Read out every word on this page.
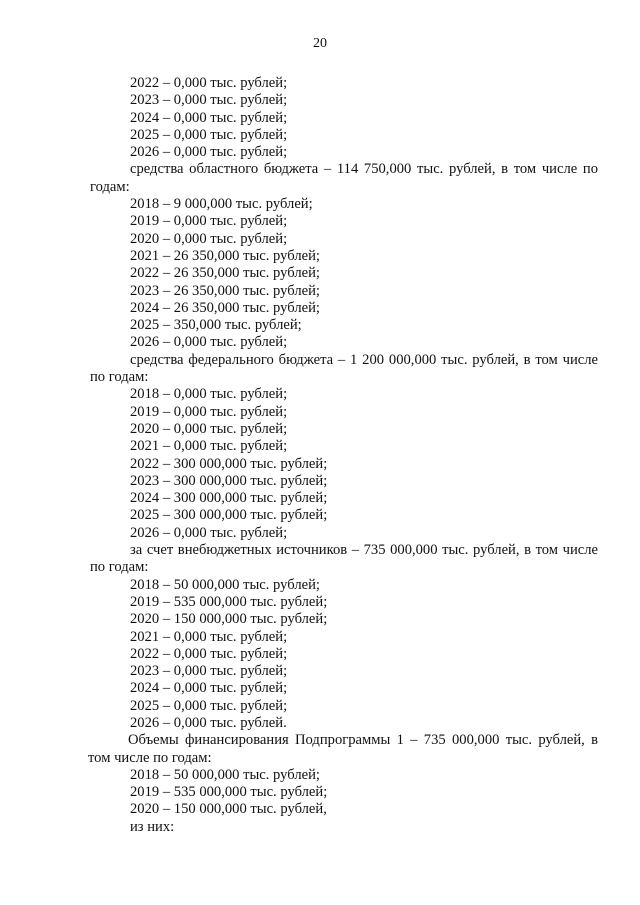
20
2022 – 0,000 тыс. рублей;
2023 – 0,000 тыс. рублей;
2024 – 0,000 тыс. рублей;
2025 – 0,000 тыс. рублей;
2026 – 0,000 тыс. рублей;
средства областного бюджета – 114 750,000 тыс. рублей, в том числе по годам:
2018 – 9 000,000 тыс. рублей;
2019 – 0,000 тыс. рублей;
2020 – 0,000 тыс. рублей;
2021 – 26 350,000 тыс. рублей;
2022 – 26 350,000 тыс. рублей;
2023 – 26 350,000 тыс. рублей;
2024 – 26 350,000 тыс. рублей;
2025 – 350,000 тыс. рублей;
2026 – 0,000 тыс. рублей;
средства федерального бюджета – 1 200 000,000 тыс. рублей, в том числе по годам:
2018 – 0,000 тыс. рублей;
2019 – 0,000 тыс. рублей;
2020 – 0,000 тыс. рублей;
2021 – 0,000 тыс. рублей;
2022 – 300 000,000 тыс. рублей;
2023 – 300 000,000 тыс. рублей;
2024 – 300 000,000 тыс. рублей;
2025 – 300 000,000 тыс. рублей;
2026 – 0,000 тыс. рублей;
за счет внебюджетных источников – 735 000,000 тыс. рублей, в том числе по годам:
2018 – 50 000,000 тыс. рублей;
2019 – 535 000,000 тыс. рублей;
2020 – 150 000,000 тыс. рублей;
2021 – 0,000 тыс. рублей;
2022 – 0,000 тыс. рублей;
2023 – 0,000 тыс. рублей;
2024 – 0,000 тыс. рублей;
2025 – 0,000 тыс. рублей;
2026 – 0,000 тыс. рублей.
Объемы финансирования Подпрограммы 1 – 735 000,000 тыс. рублей, в том числе по годам:
2018 – 50 000,000 тыс. рублей;
2019 – 535 000,000 тыс. рублей;
2020 – 150 000,000 тыс. рублей,
из них:
